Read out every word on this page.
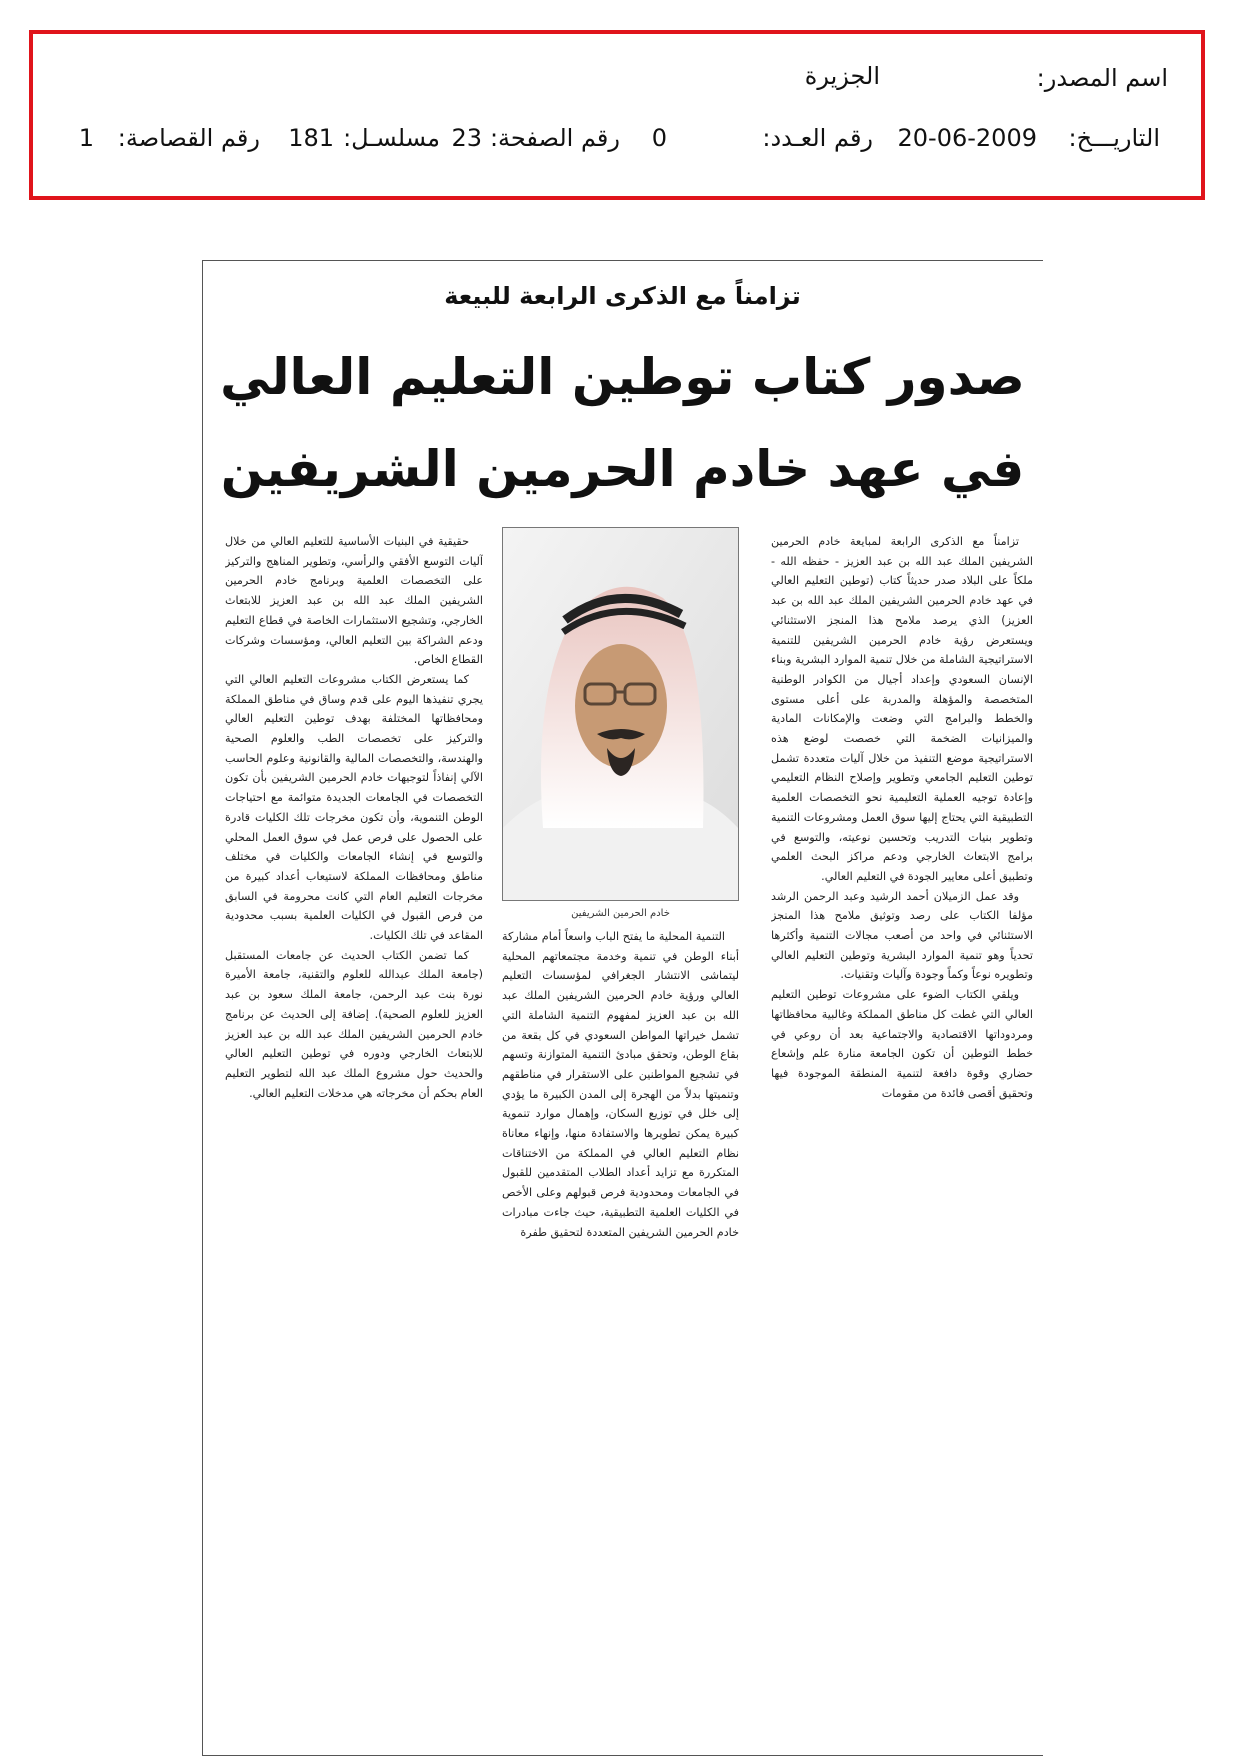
اسم المصدر:
الجزيرة
التاريـــخ:
20-06-2009
رقم العـدد:
0
رقم الصفحة:
23
مسلسـل:
181
رقم القصاصة:
1
تزامناً مع الذكرى الرابعة للبيعة
صدور كتاب توطين التعليم العالي
في عهد خادم الحرمين الشريفين

تزامناً مع الذكرى الرابعة لمبايعة خادم الحرمين الشريفين الملك عبد الله بن عبد العزيز - حفظه الله - ملكاً على البلاد صدر حديثاً كتاب (توطين التعليم العالي في عهد خادم الحرمين الشريفين الملك عبد الله بن عبد العزيز) الذي يرصد ملامح هذا المنجز الاستثنائي ويستعرض رؤية خادم الحرمين الشريفين للتنمية الاستراتيجية الشاملة من خلال تنمية الموارد البشرية وبناء الإنسان السعودي وإعداد أجيال من الكوادر الوطنية المتخصصة والمؤهلة والمدربة على أعلى مستوى والخطط والبرامج التي وضعت والإمكانات المادية والميزانيات الضخمة التي خصصت لوضع هذه الاستراتيجية موضع التنفيذ من خلال آليات متعددة تشمل توطين التعليم الجامعي وتطوير وإصلاح النظام التعليمي وإعادة توجيه العملية التعليمية نحو التخصصات العلمية التطبيقية التي يحتاج إليها سوق العمل ومشروعات التنمية وتطوير بنيات التدريب وتحسين نوعيته، والتوسع في برامج الابتعاث الخارجي ودعم مراكز البحث العلمي وتطبيق أعلى معايير الجودة في التعليم العالي.

وقد عمل الزميلان أحمد الرشيد وعبد الرحمن الرشد مؤلفا الكتاب على رصد وتوثيق ملامح هذا المنجز الاستثنائي في واحد من أصعب مجالات التنمية وأكثرها تحدياً وهو تنمية الموارد البشرية وتوطين التعليم العالي وتطويره نوعاً وكماً وجودة وآليات وتقنيات.

ويلقي الكتاب الضوء على مشروعات توطين التعليم العالي التي غطت كل مناطق المملكة وغالبية محافظاتها ومردوداتها الاقتصادية والاجتماعية بعد أن روعي في خطط التوطين أن تكون الجامعة منارة علم وإشعاع حضاري وقوة دافعة لتنمية المنطقة الموجودة فيها وتحقيق أقصى فائدة من مقومات

خادم الحرمين الشريفين

التنمية المحلية ما يفتح الباب واسعاً أمام مشاركة أبناء الوطن في تنمية وخدمة مجتمعاتهم المحلية ليتماشى الانتشار الجغرافي لمؤسسات التعليم العالي ورؤية خادم الحرمين الشريفين الملك عبد الله بن عبد العزيز لمفهوم التنمية الشاملة التي تشمل خيراتها المواطن السعودي في كل بقعة من بقاع الوطن، وتحقق مبادئ التنمية المتوازنة وتسهم في تشجيع المواطنين على الاستقرار في مناطقهم وتنميتها بدلاً من الهجرة إلى المدن الكبيرة ما يؤدي إلى خلل في توزيع السكان، وإهمال موارد تنموية كبيرة يمكن تطويرها والاستفادة منها، وإنهاء معاناة نظام التعليم العالي في المملكة من الاختناقات المتكررة مع تزايد أعداد الطلاب المتقدمين للقبول في الجامعات ومحدودية فرص قبولهم وعلى الأخص في الكليات العلمية التطبيقية، حيث جاءت مبادرات خادم الحرمين الشريفين المتعددة لتحقيق طفرة

حقيقية في البنيات الأساسية للتعليم العالي من خلال آليات التوسع الأفقي والرأسي، وتطوير المناهج والتركيز على التخصصات العلمية وبرنامج خادم الحرمين الشريفين الملك عبد الله بن عبد العزيز للابتعاث الخارجي، وتشجيع الاستثمارات الخاصة في قطاع التعليم ودعم الشراكة بين التعليم العالي، ومؤسسات وشركات القطاع الخاص.

كما يستعرض الكتاب مشروعات التعليم العالي التي يجري تنفيذها اليوم على قدم وساق في مناطق المملكة ومحافظاتها المختلفة بهدف توطين التعليم العالي والتركيز على تخصصات الطب والعلوم الصحية والهندسة، والتخصصات المالية والقانونية وعلوم الحاسب الآلي إنفاذاً لتوجيهات خادم الحرمين الشريفين بأن تكون التخصصات في الجامعات الجديدة متوائمة مع احتياجات الوطن التنموية، وأن تكون مخرجات تلك الكليات قادرة على الحصول على فرص عمل في سوق العمل المحلي والتوسع في إنشاء الجامعات والكليات في مختلف مناطق ومحافظات المملكة لاستيعاب أعداد كبيرة من مخرجات التعليم العام التي كانت محرومة في السابق من فرص القبول في الكليات العلمية بسبب محدودية المقاعد في تلك الكليات.

كما تضمن الكتاب الحديث عن جامعات المستقبل (جامعة الملك عبدالله للعلوم والتقنية، جامعة الأميرة نورة بنت عبد الرحمن، جامعة الملك سعود بن عبد العزيز للعلوم الصحية). إضافة إلى الحديث عن برنامج خادم الحرمين الشريفين الملك عبد الله بن عبد العزيز للابتعاث الخارجي ودوره في توطين التعليم العالي والحديث حول مشروع الملك عبد الله لتطوير التعليم العام بحكم أن مخرجاته هي مدخلات التعليم العالي.
